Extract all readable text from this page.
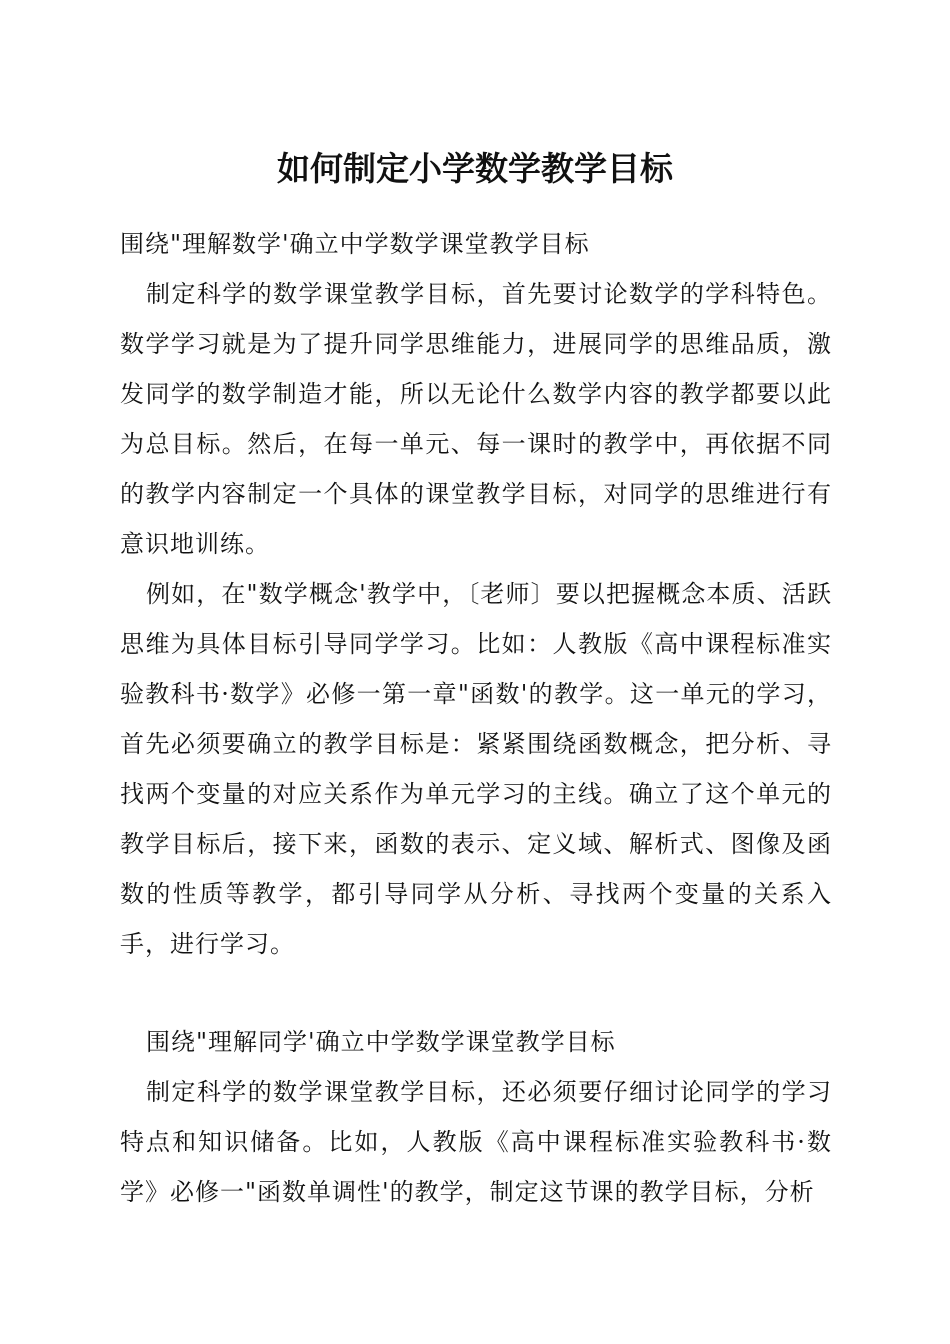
如何制定小学数学教学目标
围绕"理解数学'确立中学数学课堂教学目标
制定科学的数学课堂教学目标，首先要讨论数学的学科特色。数学学习就是为了提升同学思维能力，进展同学的思维品质，激发同学的数学制造才能，所以无论什么数学内容的教学都要以此为总目标。然后，在每一单元、每一课时的教学中，再依据不同的教学内容制定一个具体的课堂教学目标，对同学的思维进行有意识地训练。
例如，在"数学概念'教学中，〔老师〕要以把握概念本质、活跃思维为具体目标引导同学学习。比如：人教版《高中课程标准实验教科书·数学》必修一第一章"函数'的教学。这一单元的学习，首先必须要确立的教学目标是：紧紧围绕函数概念，把分析、寻找两个变量的对应关系作为单元学习的主线。确立了这个单元的教学目标后，接下来，函数的表示、定义域、解析式、图像及函数的性质等教学，都引导同学从分析、寻找两个变量的关系入手，进行学习。
围绕"理解同学'确立中学数学课堂教学目标
制定科学的数学课堂教学目标，还必须要仔细讨论同学的学习特点和知识储备。比如，人教版《高中课程标准实验教科书·数学》必修一"函数单调性'的教学，制定这节课的教学目标，分析
